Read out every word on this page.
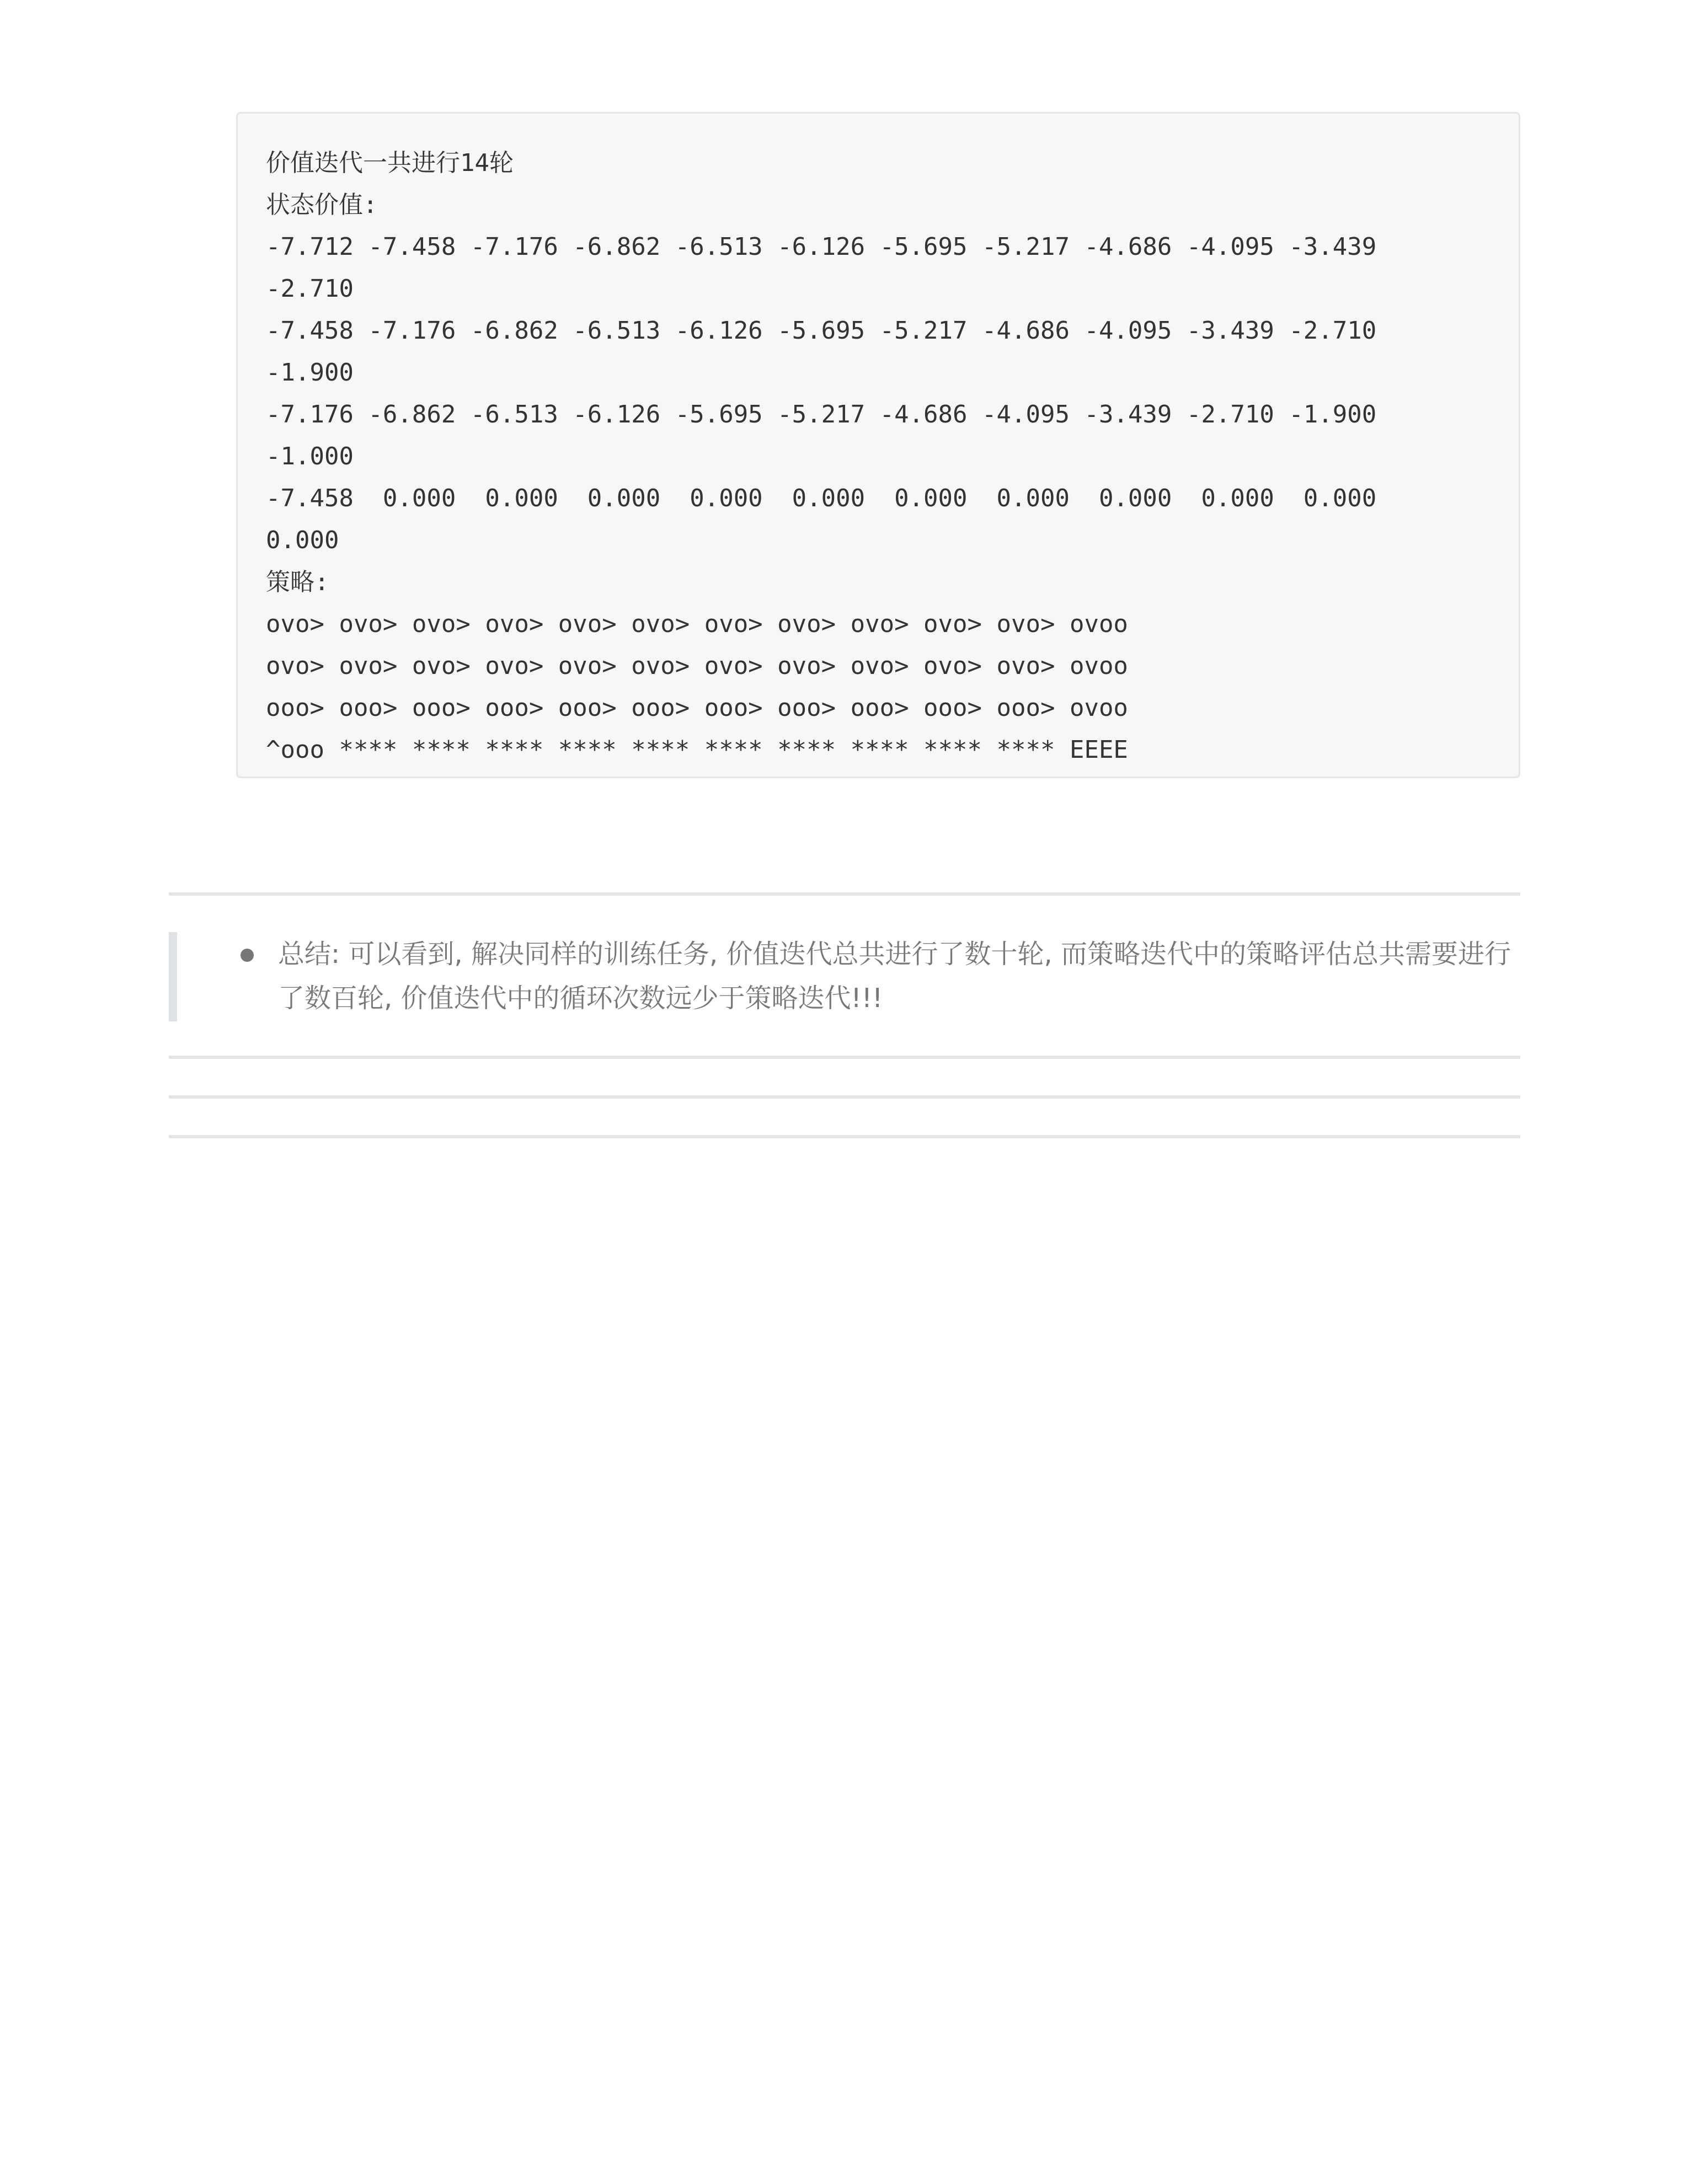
价值迭代一共进行14轮
状态价值:
-7.712 -7.458 -7.176 -6.862 -6.513 -6.126 -5.695 -5.217 -4.686 -4.095 -3.439
-2.710
-7.458 -7.176 -6.862 -6.513 -6.126 -5.695 -5.217 -4.686 -4.095 -3.439 -2.710
-1.900
-7.176 -6.862 -6.513 -6.126 -5.695 -5.217 -4.686 -4.095 -3.439 -2.710 -1.900
-1.000
-7.458  0.000  0.000  0.000  0.000  0.000  0.000  0.000  0.000  0.000  0.000
0.000
策略:
ovo> ovo> ovo> ovo> ovo> ovo> ovo> ovo> ovo> ovo> ovo> ovoo
ovo> ovo> ovo> ovo> ovo> ovo> ovo> ovo> ovo> ovo> ovo> ovoo
ooo> ooo> ooo> ooo> ooo> ooo> ooo> ooo> ooo> ooo> ooo> ovoo
^ooo **** **** **** **** **** **** **** **** **** **** EEEE

总结: 可以看到, 解决同样的训练任务, 价值迭代总共进行了数十轮, 而策略迭代中的策略评估总共需要进行了数百轮, 价值迭代中的循环次数远少于策略迭代!!!
